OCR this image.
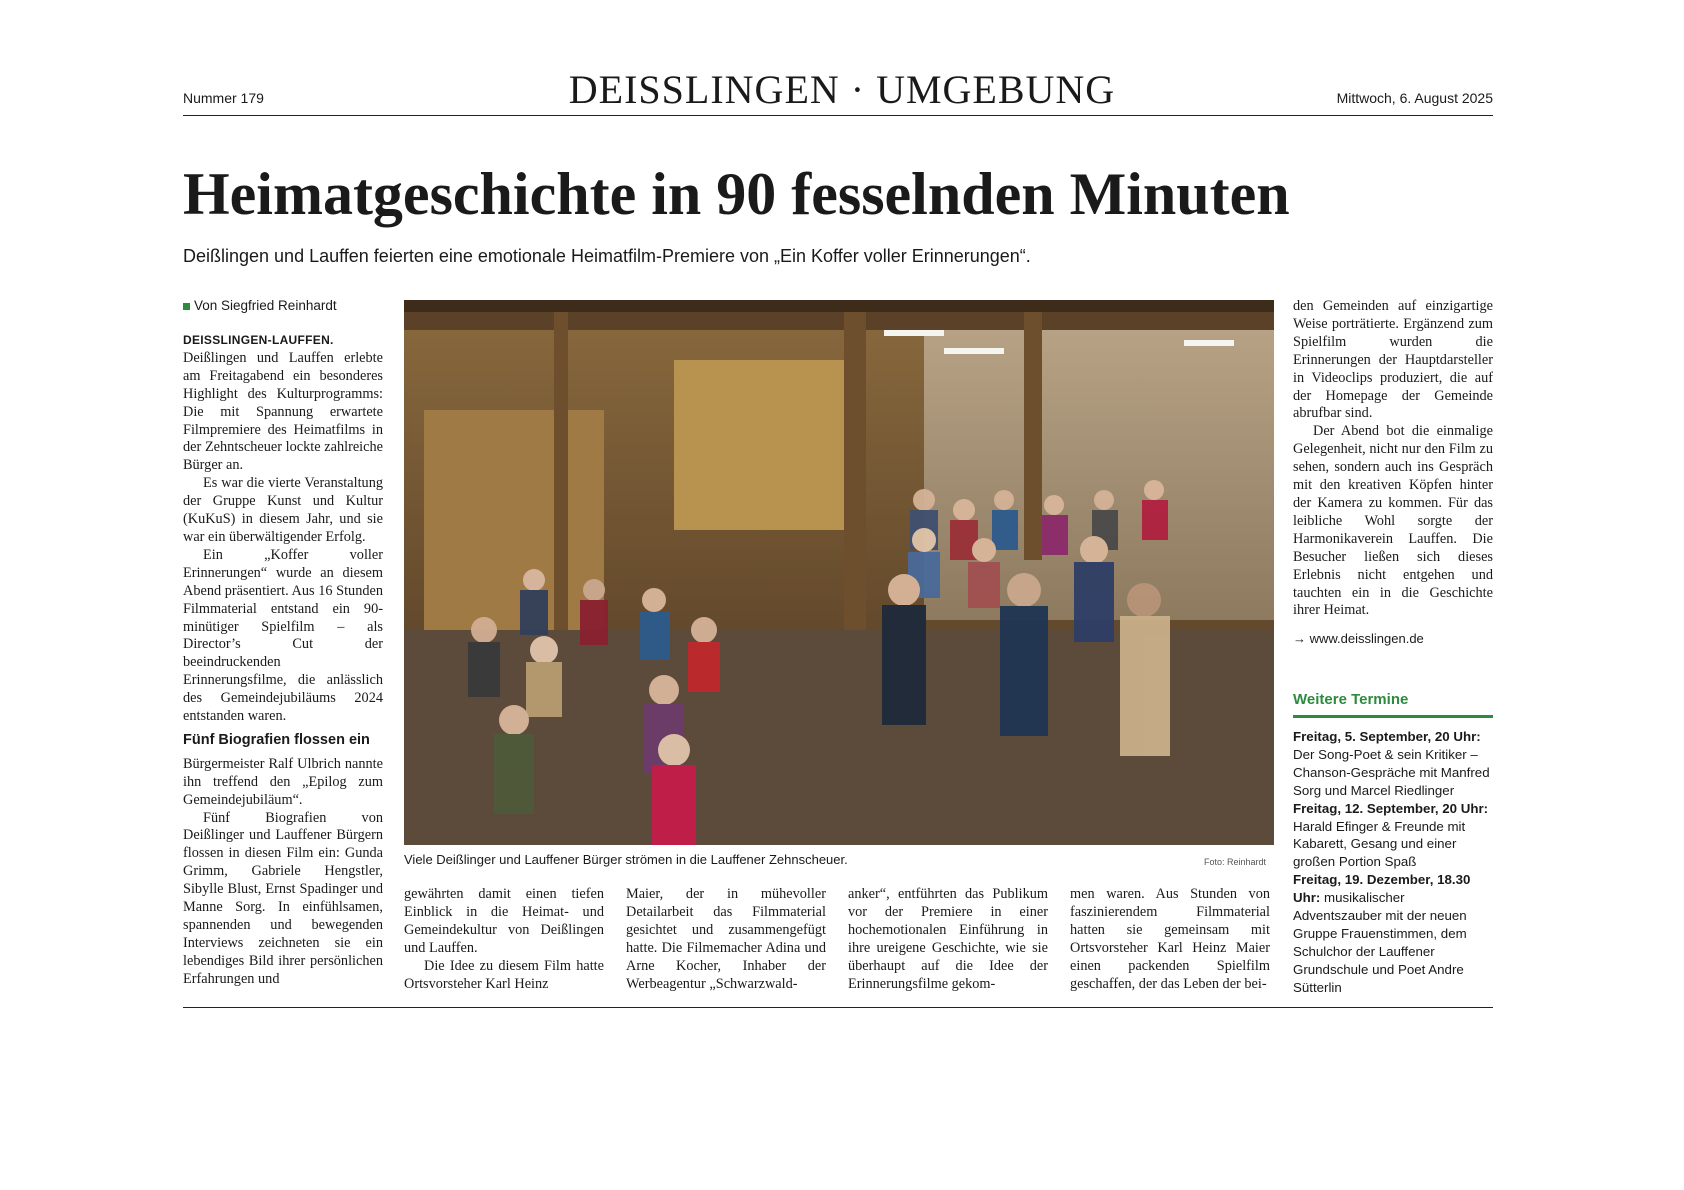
Nummer 179	DEISSLINGEN · UMGEBUNG	Mittwoch, 6. August 2025
Heimatgeschichte in 90 fesselnden Minuten
Deißlingen und Lauffen feierten eine emotionale Heimatfilm-Premiere von „Ein Koffer voller Erinnerungen“.
Von Siegfried Reinhardt

DEISSLINGEN-LAUFFEN. Deißlingen und Lauffen erlebte am Freitagabend ein besonderes Highlight des Kulturprogramms: Die mit Spannung erwartete Filmpremiere des Heimatfilms in der Zehntscheuer lockte zahlreiche Bürger an.

Es war die vierte Veranstaltung der Gruppe Kunst und Kultur (KuKuS) in diesem Jahr, und sie war ein überwältigender Erfolg.

Ein „Koffer voller Erinnerungen“ wurde an diesem Abend präsentiert. Aus 16 Stunden Filmmaterial entstand ein 90-minütiger Spielfilm – als Director’s Cut der beeindruckenden Erinnerungsfilme, die anlässlich des Gemeindejubiläums 2024 entstanden waren.

Fünf Biografien flossen ein

Bürgermeister Ralf Ulbrich nannte ihn treffend den „Epilog zum Gemeindejubiläum“.

Fünf Biografien von Deißlinger und Lauffener Bürgern flossen in diesen Film ein: Gunda Grimm, Gabriele Hengstler, Sibylle Blust, Ernst Spadinger und Manne Sorg. In einfühlsamen, spannenden und bewegenden Interviews zeichneten sie ein lebendiges Bild ihrer persönlichen Erfahrungen und

Viele Deißlinger und Lauffener Bürger strömen in die Lauffener Zehnscheuer.	Foto: Reinhardt

gewährten damit einen tiefen Einblick in die Heimat- und Gemeindekultur von Deißlingen und Lauffen.

Die Idee zu diesem Film hatte Ortsvorsteher Karl Heinz

Maier, der in mühevoller Detailarbeit das Filmmaterial gesichtet und zusammengefügt hatte. Die Filmemacher Adina und Arne Kocher, Inhaber der Werbeagentur „Schwarzwald-

anker“, entführten das Publikum vor der Premiere in einer hochemotionalen Einführung in ihre ureigene Geschichte, wie sie überhaupt auf die Idee der Erinnerungsfilme gekom-

men waren. Aus Stunden von faszinierendem Filmmaterial hatten sie gemeinsam mit Ortsvorsteher Karl Heinz Maier einen packenden Spielfilm geschaffen, der das Leben der bei-

den Gemeinden auf einzigartige Weise porträtierte. Ergänzend zum Spielfilm wurden die Erinnerungen der Hauptdarsteller in Videoclips produziert, die auf der Homepage der Gemeinde abrufbar sind.

Der Abend bot die einmalige Gelegenheit, nicht nur den Film zu sehen, sondern auch ins Gespräch mit den kreativen Köpfen hinter der Kamera zu kommen. Für das leibliche Wohl sorgte der Harmonikaverein Lauffen. Die Besucher ließen sich dieses Erlebnis nicht entgehen und tauchten ein in die Geschichte ihrer Heimat.

→ www.deisslingen.de
Weitere Termine
Freitag, 5. September, 20 Uhr: Der Song-Poet & sein Kritiker – Chanson-Gespräche mit Manfred Sorg und Marcel Riedlinger
Freitag, 12. September, 20 Uhr: Harald Efinger & Freunde mit Kabarett, Gesang und einer großen Portion Spaß
Freitag, 19. Dezember, 18.30 Uhr: musikalischer Adventszauber mit der neuen Gruppe Frauenstimmen, dem Schulchor der Lauffener Grundschule und Poet Andre Sütterlin
